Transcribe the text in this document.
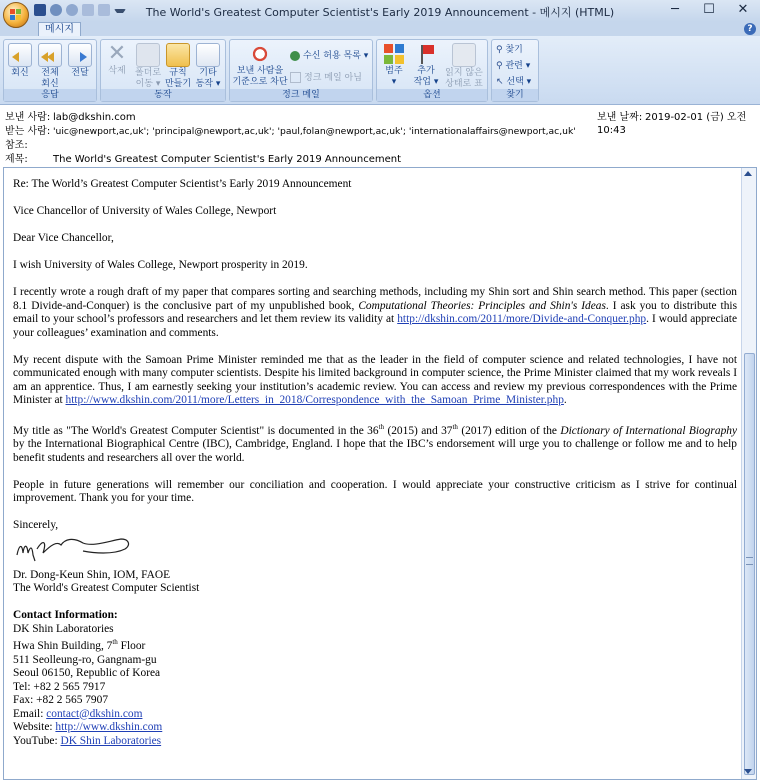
The World's Greatest Computer Scientist's Early 2019 Announcement - 메시지 (HTML)	─	☐	✕
메시지	?
회신	전체
회신
전달
응답
✕
삭제	폴더로
이동 ▾
규칙
만들기
기타
동작 ▾
동작
보낸 사람을
기준으로 차단
수신 허용 목록 ▾
정크 메일 아님
정크 메일
범주
▾
추가
작업 ▾
읽지 않은
상태로 표
옵션
⚲ 찾기
⚲ 관련 ▾
↖ 선택 ▾
찾기
보낸 사람: lab@dkshin.com	보낸 날짜: 2019-02-01 (금) 오전 10:43
받는 사람: 'uic@newport,ac,uk'; 'principal@newport,ac,uk'; 'paul,folan@newport,ac,uk'; 'internationalaffairs@newport,ac,uk'
참조:
제목:	The World's Greatest Computer Scientist's Early 2019 Announcement

Re: The World’s Greatest Computer Scientist’s Early 2019 Announcement

Vice Chancellor of University of Wales College, Newport

Dear Vice Chancellor,

I wish University of Wales College, Newport prosperity in 2019.

I recently wrote a rough draft of my paper that compares sorting and searching methods, including my Shin sort and Shin search method. This paper (section 8.1 Divide-and-Conquer) is the conclusive part of my unpublished book, Computational Theories: Principles and Shin's Ideas. I ask you to distribute this email to your school’s professors and researchers and let them review its validity at http://dkshin.com/2011/more/Divide-and-Conquer.php. I would appreciate your colleagues’ examination and comments.

My recent dispute with the Samoan Prime Minister reminded me that as the leader in the field of computer science and related technologies, I have not communicated enough with many computer scientists. Despite his limited background in computer science, the Prime Minister claimed that my work reveals I am an apprentice. Thus, I am earnestly seeking your institution’s academic review. You can access and review my previous correspondences with the Prime Minister at http://www.dkshin.com/2011/more/Letters_in_2018/Correspondence_with_the_Samoan_Prime_Minister.php.

My title as "The World's Greatest Computer Scientist" is documented in the 36th (2015) and 37th (2017) edition of the Dictionary of International Biography by the International Biographical Centre (IBC), Cambridge, England. I hope that the IBC’s endorsement will urge you to challenge or follow me and to help benefit students and researchers all over the world.

People in future generations will remember our conciliation and cooperation. I would appreciate your constructive criticism as I strive for continual improvement. Thank you for your time.

Sincerely,

Dr. Dong-Keun Shin, IOM, FAOE

The World's Greatest Computer Scientist

Contact Information:

DK Shin Laboratories

Hwa Shin Building, 7th Floor

511 Seolleung-ro, Gangnam-gu

Seoul 06150, Republic of Korea

Tel: +82 2 565 7917

Fax: +82 2 565 7907

Email: contact@dkshin.com

Website: http://www.dkshin.com

YouTube: DK Shin Laboratories
